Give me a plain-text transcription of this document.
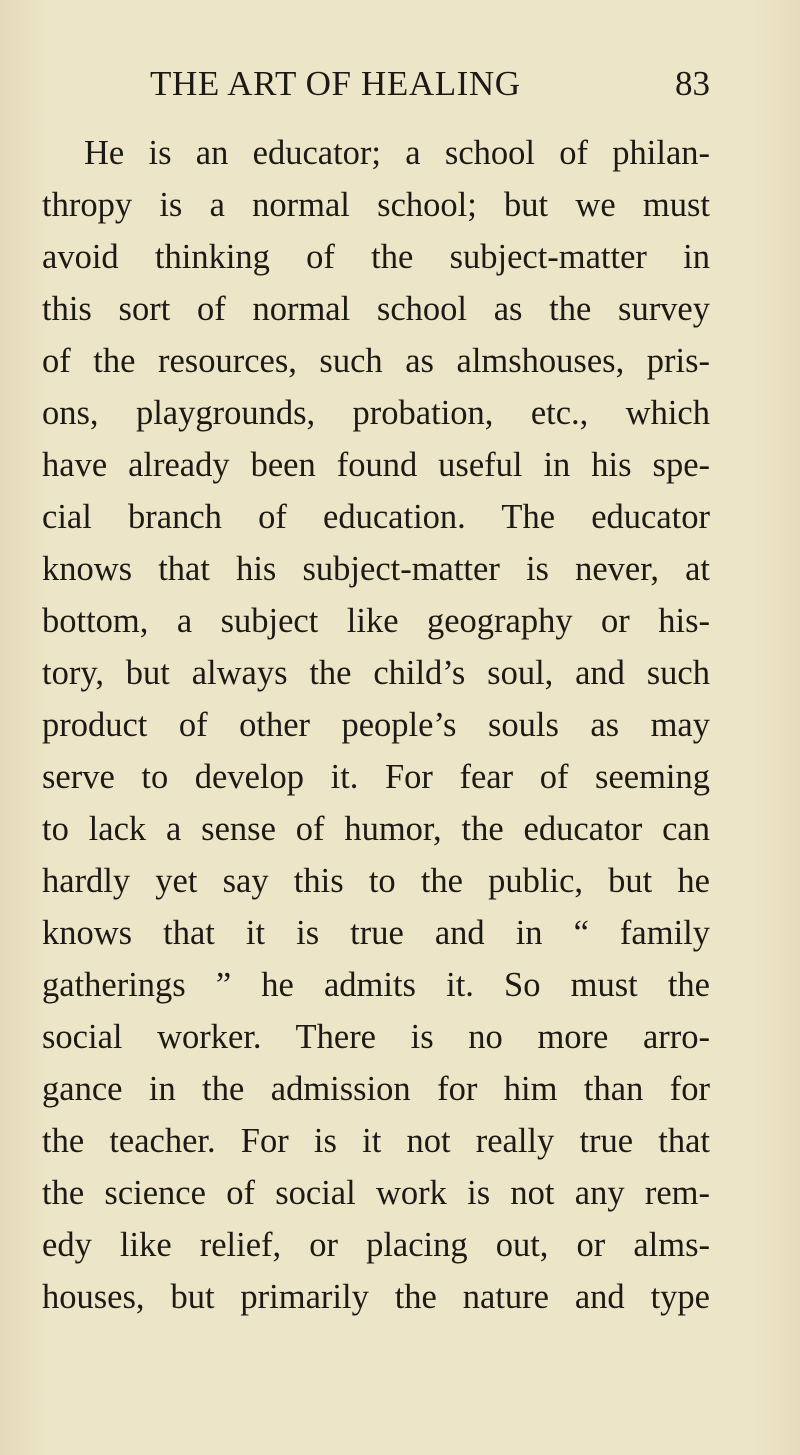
THE ART OF HEALING	83
He is an educator; a school of philan-
thropy is a normal school; but we must
avoid thinking of the subject-matter in
this sort of normal school as the survey
of the resources, such as almshouses, pris-
ons, playgrounds, probation, etc., which
have already been found useful in his spe-
cial branch of education. The educator
knows that his subject-matter is never, at
bottom, a subject like geography or his-
tory, but always the child’s soul, and such
product of other people’s souls as may
serve to develop it. For fear of seeming
to lack a sense of humor, the educator can
hardly yet say this to the public, but he
knows that it is true and in “ family
gatherings ” he admits it. So must the
social worker. There is no more arro-
gance in the admission for him than for
the teacher. For is it not really true that
the science of social work is not any rem-
edy like relief, or placing out, or alms-
houses, but primarily the nature and type
